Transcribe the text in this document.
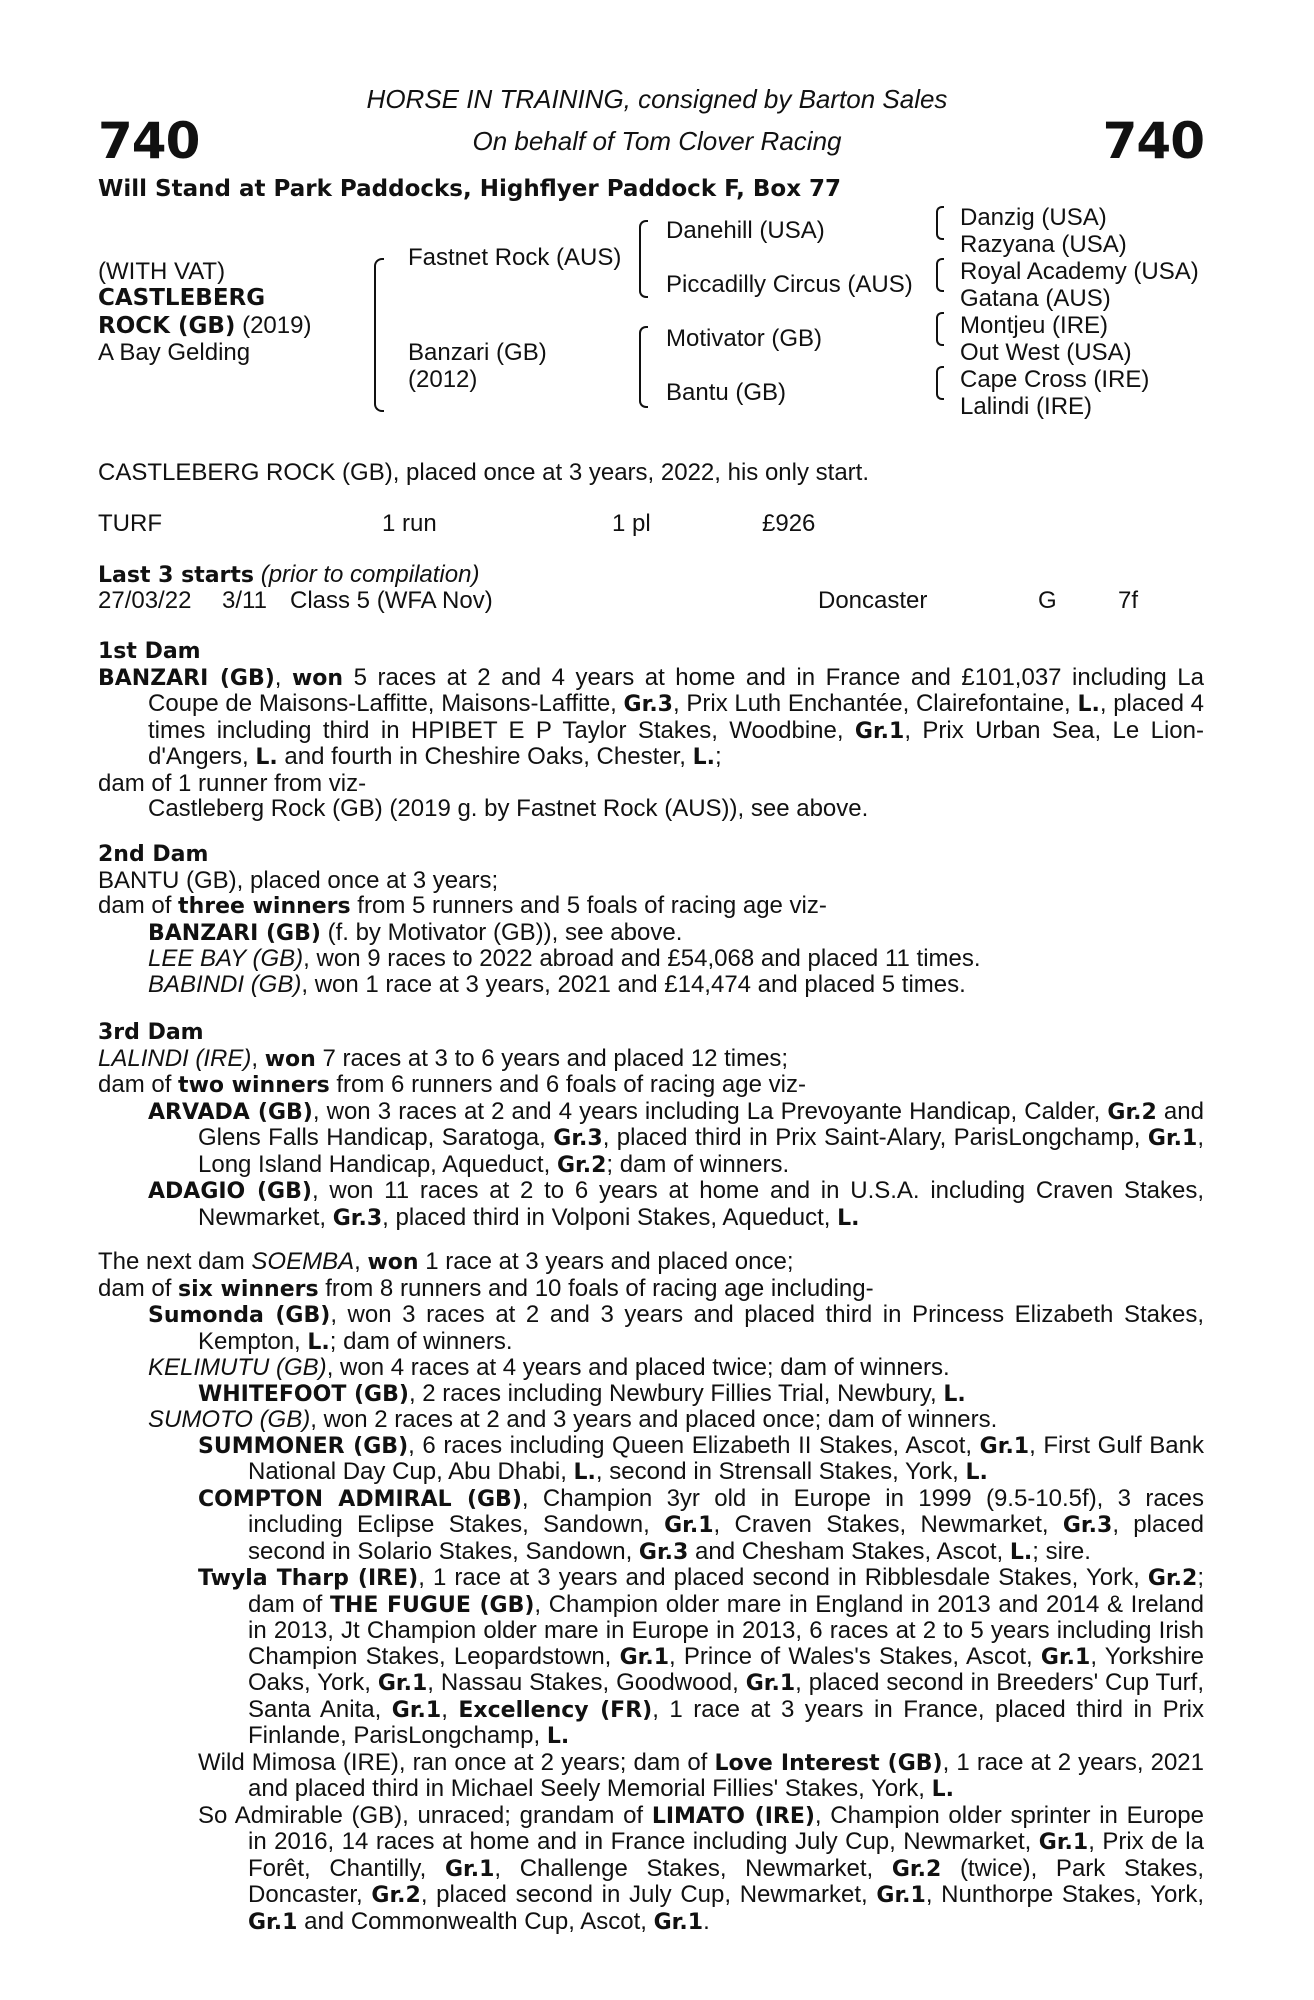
740	740
HORSE IN TRAINING, consigned by Barton Sales
On behalf of Tom Clover Racing
Will Stand at Park Paddocks, Highflyer Paddock F, Box 77
(WITH VAT)
CASTLEBERG
ROCK (GB) (2019)
A Bay Gelding
Fastnet Rock (AUS)
Banzari (GB)
(2012)
Danehill (USA)
Piccadilly Circus (AUS)
Motivator (GB)
Bantu (GB)
Danzig (USA)
Razyana (USA)
Royal Academy (USA)
Gatana (AUS)
Montjeu (IRE)
Out West (USA)
Cape Cross (IRE)
Lalindi (IRE)
CASTLEBERG ROCK (GB), placed once at 3 years, 2022, his only start.
TURF	1 run	1 pl	£926
Last 3 starts (prior to compilation)
27/03/22 3/11 Class 5 (WFA Nov)	Doncaster	G	7f

1st Dam

BANZARI (GB), won 5 races at 2 and 4 years at home and in France and £101,037 including La Coupe de Maisons-Laffitte, Maisons-Laffitte, Gr.3, Prix Luth Enchantée, Clairefontaine, L., placed 4 times including third in HPIBET E P Taylor Stakes, Woodbine, Gr.1, Prix Urban Sea, Le Lion-d'Angers, L. and fourth in Cheshire Oaks, Chester, L.;

dam of 1 runner from viz-

Castleberg Rock (GB) (2019 g. by Fastnet Rock (AUS)), see above.

2nd Dam

BANTU (GB), placed once at 3 years;

dam of three winners from 5 runners and 5 foals of racing age viz-

BANZARI (GB) (f. by Motivator (GB)), see above.

LEE BAY (GB), won 9 races to 2022 abroad and £54,068 and placed 11 times.

BABINDI (GB), won 1 race at 3 years, 2021 and £14,474 and placed 5 times.

3rd Dam

LALINDI (IRE), won 7 races at 3 to 6 years and placed 12 times;

dam of two winners from 6 runners and 6 foals of racing age viz-

ARVADA (GB), won 3 races at 2 and 4 years including La Prevoyante Handicap, Calder, Gr.2 and Glens Falls Handicap, Saratoga, Gr.3, placed third in Prix Saint-Alary, ParisLongchamp, Gr.1, Long Island Handicap, Aqueduct, Gr.2; dam of winners.

ADAGIO (GB), won 11 races at 2 to 6 years at home and in U.S.A. including Craven Stakes, Newmarket, Gr.3, placed third in Volponi Stakes, Aqueduct, L.

The next dam SOEMBA, won 1 race at 3 years and placed once;

dam of six winners from 8 runners and 10 foals of racing age including-

Sumonda (GB), won 3 races at 2 and 3 years and placed third in Princess Elizabeth Stakes, Kempton, L.; dam of winners.

KELIMUTU (GB), won 4 races at 4 years and placed twice; dam of winners.

WHITEFOOT (GB), 2 races including Newbury Fillies Trial, Newbury, L.

SUMOTO (GB), won 2 races at 2 and 3 years and placed once; dam of winners.

SUMMONER (GB), 6 races including Queen Elizabeth II Stakes, Ascot, Gr.1, First Gulf Bank National Day Cup, Abu Dhabi, L., second in Strensall Stakes, York, L.

COMPTON ADMIRAL (GB), Champion 3yr old in Europe in 1999 (9.5-10.5f), 3 races including Eclipse Stakes, Sandown, Gr.1, Craven Stakes, Newmarket, Gr.3, placed second in Solario Stakes, Sandown, Gr.3 and Chesham Stakes, Ascot, L.; sire.

Twyla Tharp (IRE), 1 race at 3 years and placed second in Ribblesdale Stakes, York, Gr.2; dam of THE FUGUE (GB), Champion older mare in England in 2013 and 2014 & Ireland in 2013, Jt Champion older mare in Europe in 2013, 6 races at 2 to 5 years including Irish Champion Stakes, Leopardstown, Gr.1, Prince of Wales's Stakes, Ascot, Gr.1, Yorkshire Oaks, York, Gr.1, Nassau Stakes, Goodwood, Gr.1, placed second in Breeders' Cup Turf, Santa Anita, Gr.1, Excellency (FR), 1 race at 3 years in France, placed third in Prix Finlande, ParisLongchamp, L.

Wild Mimosa (IRE), ran once at 2 years; dam of Love Interest (GB), 1 race at 2 years, 2021 and placed third in Michael Seely Memorial Fillies' Stakes, York, L.

So Admirable (GB), unraced; grandam of LIMATO (IRE), Champion older sprinter in Europe in 2016, 14 races at home and in France including July Cup, Newmarket, Gr.1, Prix de la Forêt, Chantilly, Gr.1, Challenge Stakes, Newmarket, Gr.2 (twice), Park Stakes, Doncaster, Gr.2, placed second in July Cup, Newmarket, Gr.1, Nunthorpe Stakes, York, Gr.1 and Commonwealth Cup, Ascot, Gr.1.
